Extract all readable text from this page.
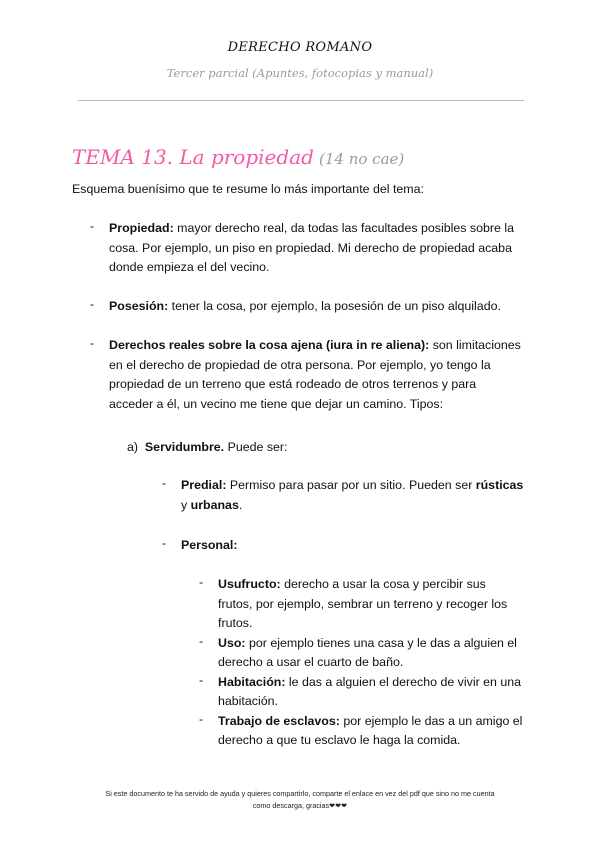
DERECHO ROMANO
Tercer parcial (Apuntes, fotocopias y manual)
TEMA 13. La propiedad (14 no cae)

Esquema buenísimo que te resume lo más importante del tema:

- Propiedad: mayor derecho real, da todas las facultades posibles sobre la

cosa. Por ejemplo, un piso en propiedad. Mi derecho de propiedad acaba

donde empieza el del vecino.

- Posesión: tener la cosa, por ejemplo, la posesión de un piso alquilado.

- Derechos reales sobre la cosa ajena (iura in re aliena): son limitaciones

en el derecho de propiedad de otra persona. Por ejemplo, yo tengo la

propiedad de un terreno que está rodeado de otros terrenos y para

acceder a él, un vecino me tiene que dejar un camino. Tipos:

a) Servidumbre. Puede ser:

- Predial: Permiso para pasar por un sitio. Pueden ser rústicas

y urbanas.

- Personal:

- Usufructo: derecho a usar la cosa y percibir sus

frutos, por ejemplo, sembrar un terreno y recoger los

frutos.

- Uso: por ejemplo tienes una casa y le das a alguien el

derecho a usar el cuarto de baño.

- Habitación: le das a alguien el derecho de vivir en una

habitación.

- Trabajo de esclavos: por ejemplo le das a un amigo el

derecho a que tu esclavo le haga la comida.

Si este documento te ha servido de ayuda y quieres compartirlo, comparte el enlace en vez del pdf que sino no me cuenta
como descarga, gracias❤❤❤
